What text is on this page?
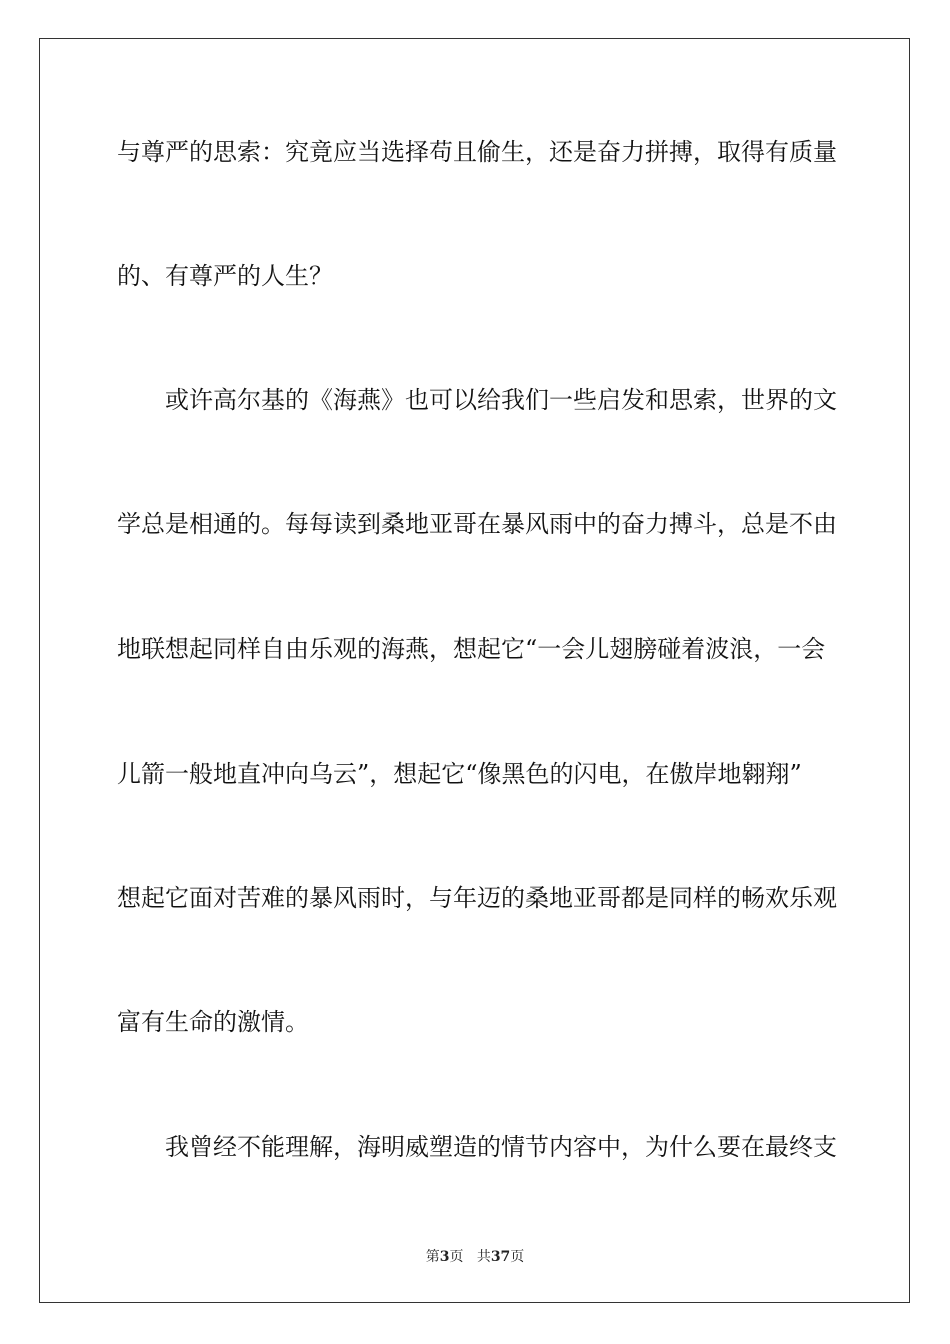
与尊严的思索：究竟应当选择苟且偷生，还是奋力拼搏，取得有质量
的、有尊严的人生？
或许高尔基的《海燕》也可以给我们一些启发和思索，世界的文
学总是相通的。每每读到桑地亚哥在暴风雨中的奋力搏斗，总是不由
地联想起同样自由乐观的海燕，想起它“一会儿翅膀碰着波浪，一会
儿箭一般地直冲向乌云”，想起它“像黑色的闪电，在傲岸地翱翔”
想起它面对苦难的暴风雨时，与年迈的桑地亚哥都是同样的畅欢乐观
富有生命的激情。
我曾经不能理解，海明威塑造的情节内容中，为什么要在最终支
第3页 共37页
